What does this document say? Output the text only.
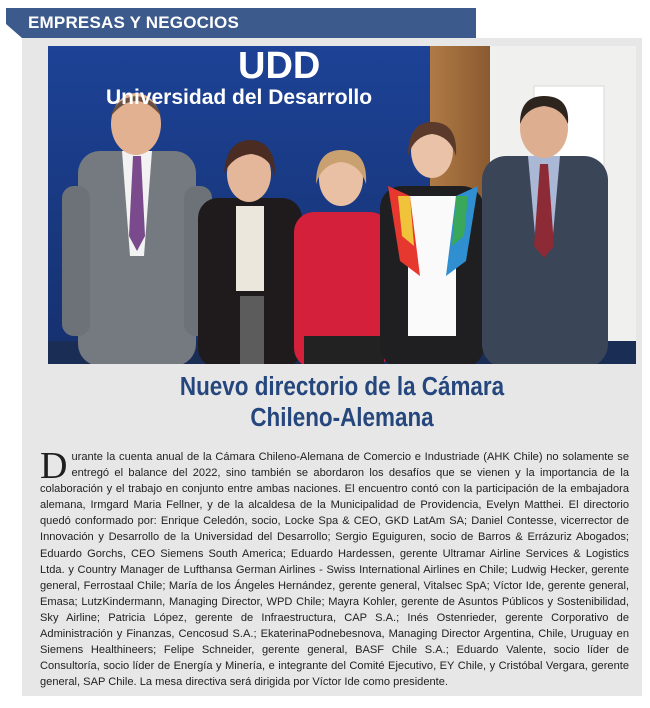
EMPRESAS Y NEGOCIOS
UDD
Universidad del Desarrollo
Nuevo directorio de la Cámara
Chileno-Alemana
D urante la cuenta anual de la Cámara Chileno-Alemana de Comercio e Industriade (AHK Chile) no solamente se entregó el balance del 2022, sino también se abordaron los desafíos que se vienen y la importancia de la colaboración y el trabajo en conjunto entre ambas naciones. El encuentro contó con la participación de la embajadora alemana, Irmgard Maria Fellner, y de la alcaldesa de la Municipalidad de Providencia, Evelyn Matthei. El directorio quedó conformado por: Enrique Celedón, socio, Locke Spa & CEO, GKD LatAm SA; Daniel Contesse, vicerrector de Innovación y Desarrollo de la Universidad del Desarrollo; Sergio Eguiguren, socio de Barros & Errázuriz Abogados; Eduardo Gorchs, CEO Siemens South America; Eduardo Hardessen, gerente Ultramar Airline Services & Logistics Ltda. y Country Manager de Lufthansa German Airlines - Swiss International Airlines en Chile; Ludwig Hecker, gerente general, Ferrostaal Chile; María de los Ángeles Hernández, gerente general, Vitalsec SpA; Víctor Ide, gerente general, Emasa; LutzKindermann, Managing Director, WPD Chile; Mayra Kohler, gerente de Asuntos Públicos y Sostenibilidad, Sky Airline; Patricia López, gerente de Infraestructura, CAP S.A.; Inés Ostenrieder, gerente Corporativo de Administración y Finanzas, Cencosud S.A.; EkaterinaPodnebesnova, Managing Director Argentina, Chile, Uruguay en Siemens Healthineers; Felipe Schneider, gerente general, BASF Chile S.A.; Eduardo Valente, socio líder de Consultoría, socio líder de Energía y Minería, e integrante del Comité Ejecutivo, EY Chile, y Cristóbal Vergara, gerente general, SAP Chile. La mesa directiva será dirigida por Víctor Ide como presidente.
